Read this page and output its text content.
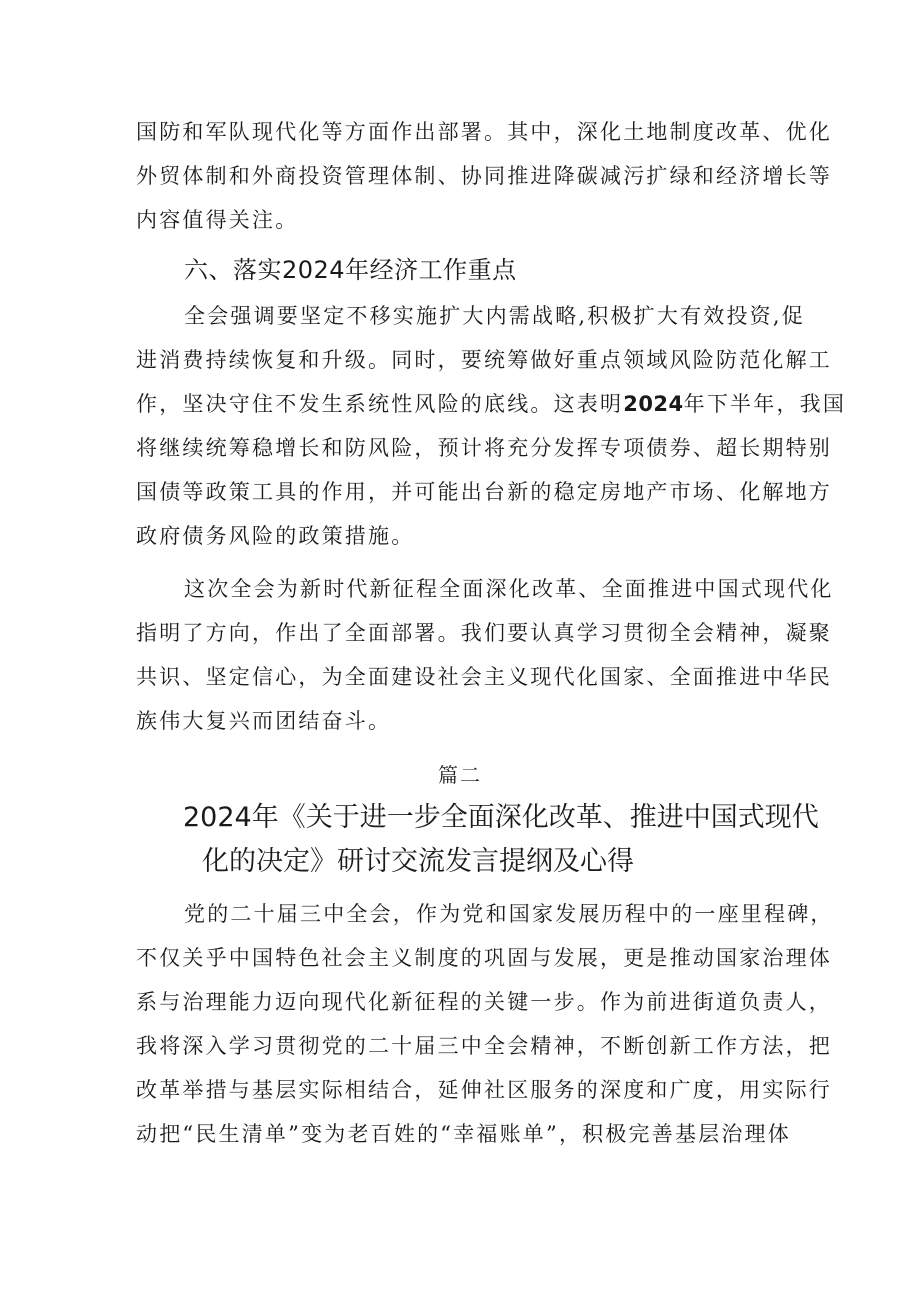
国防和军队现代化等方面作出部署。其中，深化土地制度改革、优化
外贸体制和外商投资管理体制、协同推进降碳减污扩绿和经济增长等
内容值得关注。
六、落实2024年经济工作重点
全会强调要坚定不移实施扩大内需战略,积极扩大有效投资,促
进消费持续恢复和升级。同时，要统筹做好重点领域风险防范化解工
作，坚决守住不发生系统性风险的底线。这表明2024年下半年，我国
将继续统筹稳增长和防风险，预计将充分发挥专项债券、超长期特别
国债等政策工具的作用，并可能出台新的稳定房地产市场、化解地方
政府债务风险的政策措施。
这次全会为新时代新征程全面深化改革、全面推进中国式现代化
指明了方向，作出了全面部署。我们要认真学习贯彻全会精神，凝聚
共识、坚定信心，为全面建设社会主义现代化国家、全面推进中华民
族伟大复兴而团结奋斗。
篇二
2024年《关于进一步全面深化改革、推进中国式现代
化的决定》研讨交流发言提纲及心得
党的二十届三中全会，作为党和国家发展历程中的一座里程碑，
不仅关乎中国特色社会主义制度的巩固与发展，更是推动国家治理体
系与治理能力迈向现代化新征程的关键一步。作为前进街道负责人，
我将深入学习贯彻党的二十届三中全会精神，不断创新工作方法，把
改革举措与基层实际相结合，延伸社区服务的深度和广度，用实际行
动把“民生清单”变为老百姓的“幸福账单”，积极完善基层治理体
